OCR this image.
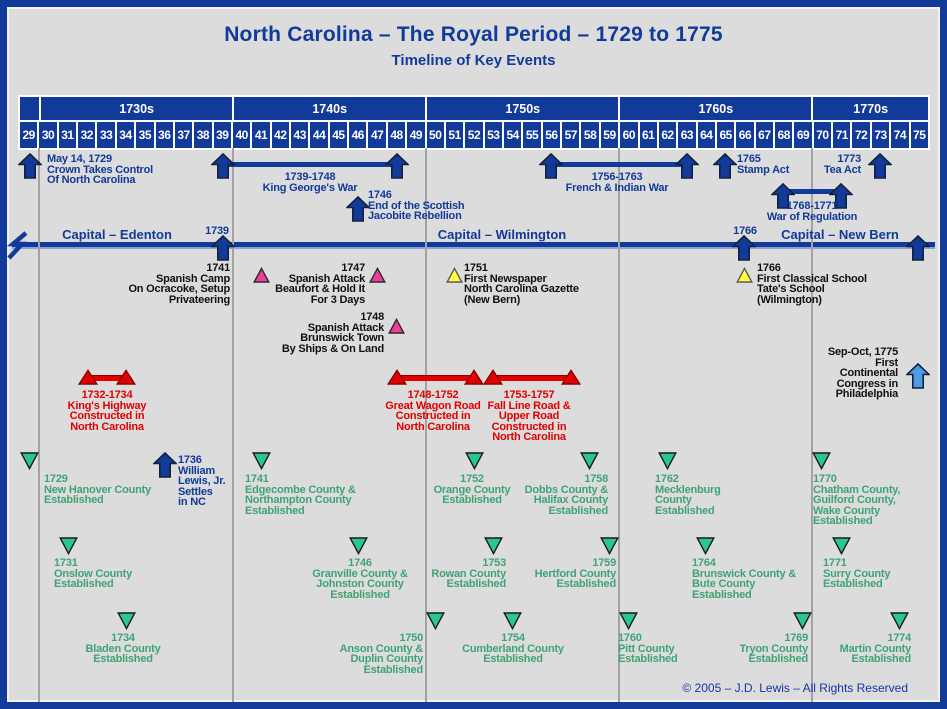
North Carolina – The Royal Period – 1729 to 1775
Timeline of Key Events
1730s	1740s	1750s	1760s	1770s
29 30 31 32 33 34 35 36 37 38 39 40 41 42 43 44 45 46 47 48 49 50 51 52 53 54 55 56 57 58 59 60 61 62 63 64 65 66 67 68 69 70 71 72 73 74 75
Capital – Edenton	Capital – Wilmington	Capital – New Bern
May 14, 1729
Crown Takes Control
Of North Carolina	1739-1748
King George's War
1746
End of the Scottish
Jacobite Rebellion
1756-1763
French & Indian War
1765
Stamp Act
1773
Tea Act
1768-1771
War of Regulation
1739	1766
1741
Spanish Camp
On Ocracoke, Setup
Privateering
1747
Spanish Attack
Beaufort & Hold It
For 3 Days
1748
Spanish Attack
Brunswick Town
By Ships & On Land
1751
First Newspaper
North Carolina Gazette
(New Bern)
1766
First Classical School
Tate's School
(Wilmington)
Sep-Oct, 1775
First
Continental
Congress in
Philadelphia
1732-1734
King's Highway
Constructed in
North Carolina
1748-1752
Great Wagon Road
Constructed in
North Carolina
1753-1757
Fall Line Road &
Upper Road
Constructed in
North Carolina
1736
William
Lewis, Jr.
Settles
in NC
1729
New Hanover County
Established
1741
Edgecombe County &
Northampton County
Established
1752
Orange County
Established
1758
Dobbs County &
Halifax County
Established
1762
Mecklenburg
County
Established
1770
Chatham County,
Guilford County,
Wake County
Established
1731
Onslow County
Established
1746
Granville County &
Johnston County
Established
1753
Rowan County
Established
1759
Hertford County
Established
1764
Brunswick County &
Bute County
Established
1771
Surry County
Established
1734
Bladen County
Established
1750
Anson County &
Duplin County
Established
1754
Cumberland County
Established
1760
Pitt County
Established
1769
Tryon County
Established
1774
Martin County
Established
© 2005 – J.D. Lewis – All Rights Reserved
